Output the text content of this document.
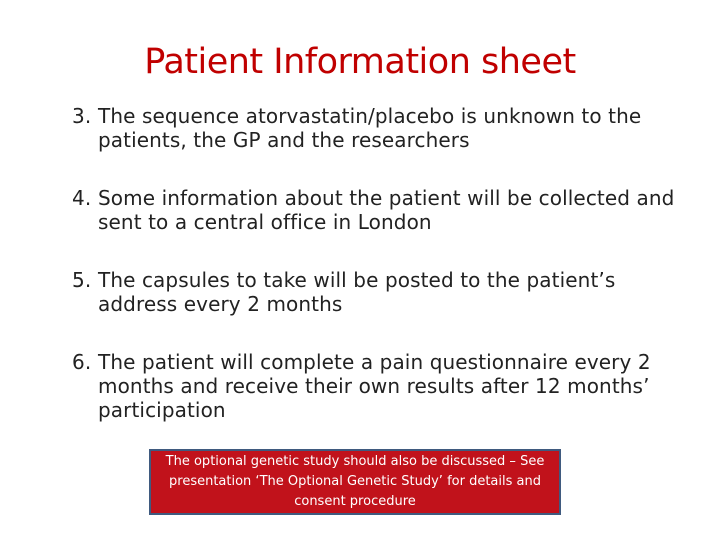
Patient Information sheet
3. The sequence atorvastatin/placebo is unknown to the patients, the GP and the researchers
4. Some information about the patient will be collected and sent to a central office in London
5. The capsules to take will be posted to the patient’s address every 2 months
6. The patient will complete a pain questionnaire every 2 months and receive their own results after 12 months’ participation
The optional genetic study should also be discussed – See presentation ‘The Optional Genetic Study’ for details and consent procedure
